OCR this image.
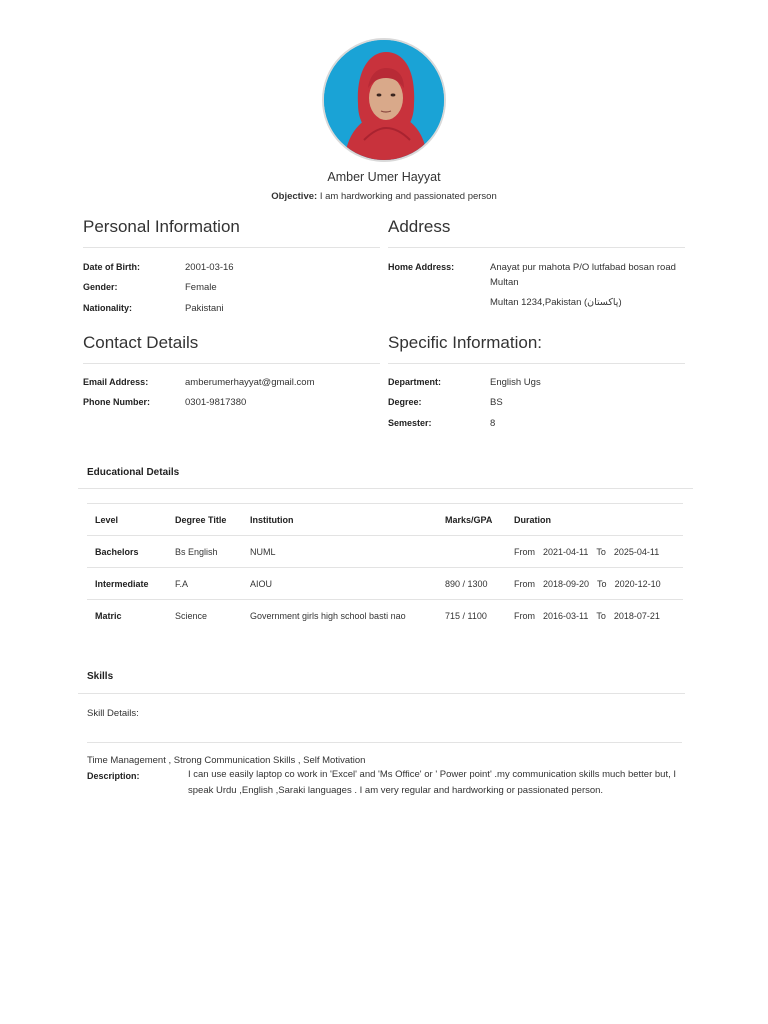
Amber Umer Hayyat
Objective: I am hardworking and passionated person
Personal Information
Date of Birth:	2001-03-16
Gender:	Female
Nationality:	Pakistani
Address
Home Address:	Anayat pur mahota P/O lutfabad bosan road
Multan
Multan 1234,Pakistan (پاکستان)
Contact Details
Email Address:	amberumerhayyat@gmail.com
Phone Number:	0301-9817380
Specific Information:
Department:	English Ugs
Degree:	BS
Semester:	8
Educational Details
Level	Degree Title	Institution	Marks/GPA	Duration
Bachelors	Bs English	NUML		From 2021-04-11 To 2025-04-11
Intermediate	F.A	AIOU	890 / 1300	From 2018-09-20 To 2020-12-10
Matric	Science	Government girls high school basti nao	715 / 1100	From 2016-03-11 To 2018-07-21
Skills
Skill Details:
Time Management , Strong Communication Skills , Self Motivation
Description:	I can use easily laptop co work in 'Excel' and 'Ms Office' or ' Power point' .my communication skills much better but, I
speak Urdu ,English ,Saraki languages . I am very regular and hardworking or passionated person.
